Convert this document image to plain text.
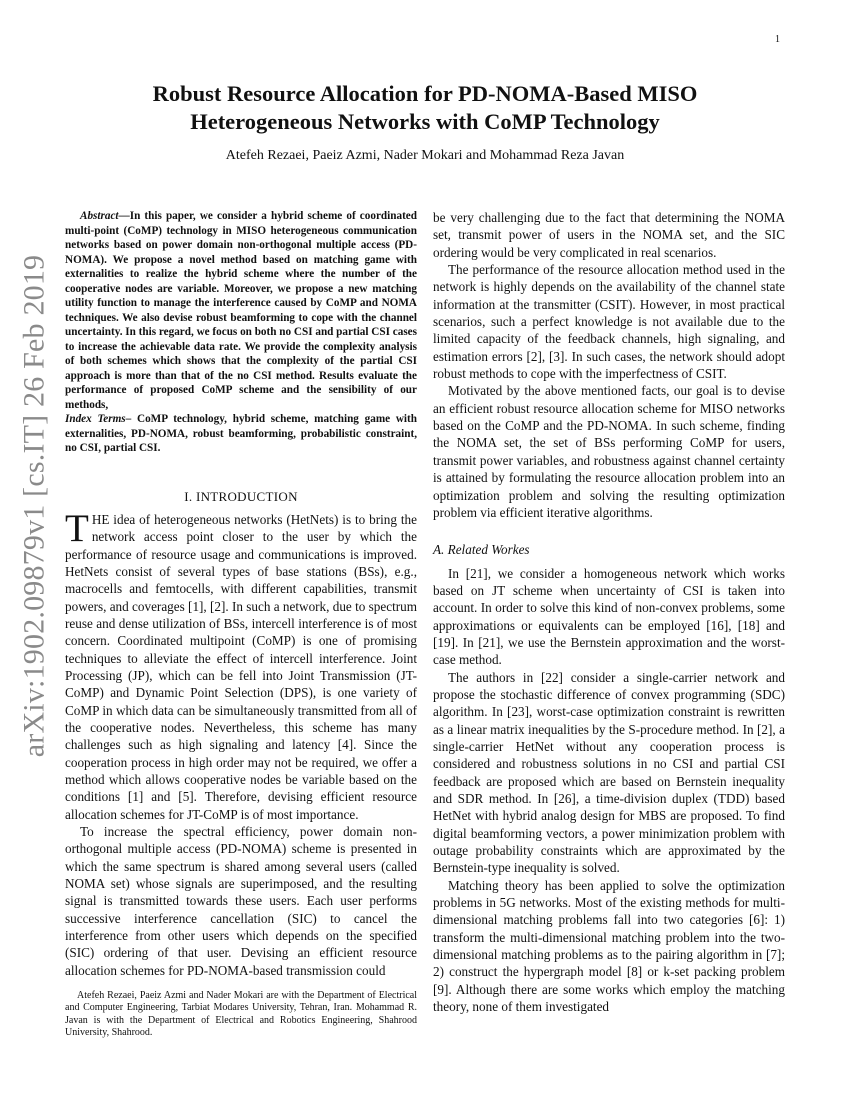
1
arXiv:1902.09879v1 [cs.IT] 26 Feb 2019
Robust Resource Allocation for PD-NOMA-Based MISO Heterogeneous Networks with CoMP Technology
Atefeh Rezaei, Paeiz Azmi, Nader Mokari and Mohammad Reza Javan

Abstract—In this paper, we consider a hybrid scheme of coordinated multi-point (CoMP) technology in MISO heterogeneous communication networks based on power domain non-orthogonal multiple access (PD-NOMA). We propose a novel method based on matching game with externalities to realize the hybrid scheme where the number of the cooperative nodes are variable. Moreover, we propose a new matching utility function to manage the interference caused by CoMP and NOMA techniques. We also devise robust beamforming to cope with the channel uncertainty. In this regard, we focus on both no CSI and partial CSI cases to increase the achievable data rate. We provide the complexity analysis of both schemes which shows that the complexity of the partial CSI approach is more than that of the no CSI method. Results evaluate the performance of proposed CoMP scheme and the sensibility of our methods,

Index Terms– CoMP technology, hybrid scheme, matching game with externalities, PD-NOMA, robust beamforming, probabilistic constraint, no CSI, partial CSI.

I. INTRODUCTION

THE idea of heterogeneous networks (HetNets) is to bring the network access point closer to the user by which the performance of resource usage and communications is improved. HetNets consist of several types of base stations (BSs), e.g., macrocells and femtocells, with different capabilities, transmit powers, and coverages [1], [2]. In such a network, due to spectrum reuse and dense utilization of BSs, intercell interference is of most concern. Coordinated multipoint (CoMP) is one of promising techniques to alleviate the effect of intercell interference. Joint Processing (JP), which can be fell into Joint Transmission (JT-CoMP) and Dynamic Point Selection (DPS), is one variety of CoMP in which data can be simultaneously transmitted from all of the cooperative nodes. Nevertheless, this scheme has many challenges such as high signaling and latency [4]. Since the cooperation process in high order may not be required, we offer a method which allows cooperative nodes be variable based on the conditions [1] and [5]. Therefore, devising efficient resource allocation schemes for JT-CoMP is of most importance.

To increase the spectral efficiency, power domain non-orthogonal multiple access (PD-NOMA) scheme is presented in which the same spectrum is shared among several users (called NOMA set) whose signals are superimposed, and the resulting signal is transmitted towards these users. Each user performs successive interference cancellation (SIC) to cancel the interference from other users which depends on the specified (SIC) ordering of that user. Devising an efficient resource allocation schemes for PD-NOMA-based transmission could

Atefeh Rezaei, Paeiz Azmi and Nader Mokari are with the Department of Electrical and Computer Engineering, Tarbiat Modares University, Tehran, Iran. Mohammad R. Javan is with the Department of Electrical and Robotics Engineering, Shahrood University, Shahrood.

be very challenging due to the fact that determining the NOMA set, transmit power of users in the NOMA set, and the SIC ordering would be very complicated in real scenarios.

The performance of the resource allocation method used in the network is highly depends on the availability of the channel state information at the transmitter (CSIT). However, in most practical scenarios, such a perfect knowledge is not available due to the limited capacity of the feedback channels, high signaling, and estimation errors [2], [3]. In such cases, the network should adopt robust methods to cope with the imperfectness of CSIT.

Motivated by the above mentioned facts, our goal is to devise an efficient robust resource allocation scheme for MISO networks based on the CoMP and the PD-NOMA. In such scheme, finding the NOMA set, the set of BSs performing CoMP for users, transmit power variables, and robustness against channel certainty is attained by formulating the resource allocation problem into an optimization problem and solving the resulting optimization problem via efficient iterative algorithms.

A. Related Workes

In [21], we consider a homogeneous network which works based on JT scheme when uncertainty of CSI is taken into account. In order to solve this kind of non-convex problems, some approximations or equivalents can be employed [16], [18] and [19]. In [21], we use the Bernstein approximation and the worst-case method.

The authors in [22] consider a single-carrier network and propose the stochastic difference of convex programming (SDC) algorithm. In [23], worst-case optimization constraint is rewritten as a linear matrix inequalities by the S-procedure method. In [2], a single-carrier HetNet without any cooperation process is considered and robustness solutions in no CSI and partial CSI feedback are proposed which are based on Bernstein inequality and SDR method. In [26], a time-division duplex (TDD) based HetNet with hybrid analog design for MBS are proposed. To find digital beamforming vectors, a power minimization problem with outage probability constraints which are approximated by the Bernstein-type inequality is solved.

Matching theory has been applied to solve the optimization problems in 5G networks. Most of the existing methods for multi-dimensional matching problems fall into two categories [6]: 1) transform the multi-dimensional matching problem into the two-dimensional matching problems as to the pairing algorithm in [7]; 2) construct the hypergraph model [8] or k-set packing problem [9]. Although there are some works which employ the matching theory, none of them investigated
